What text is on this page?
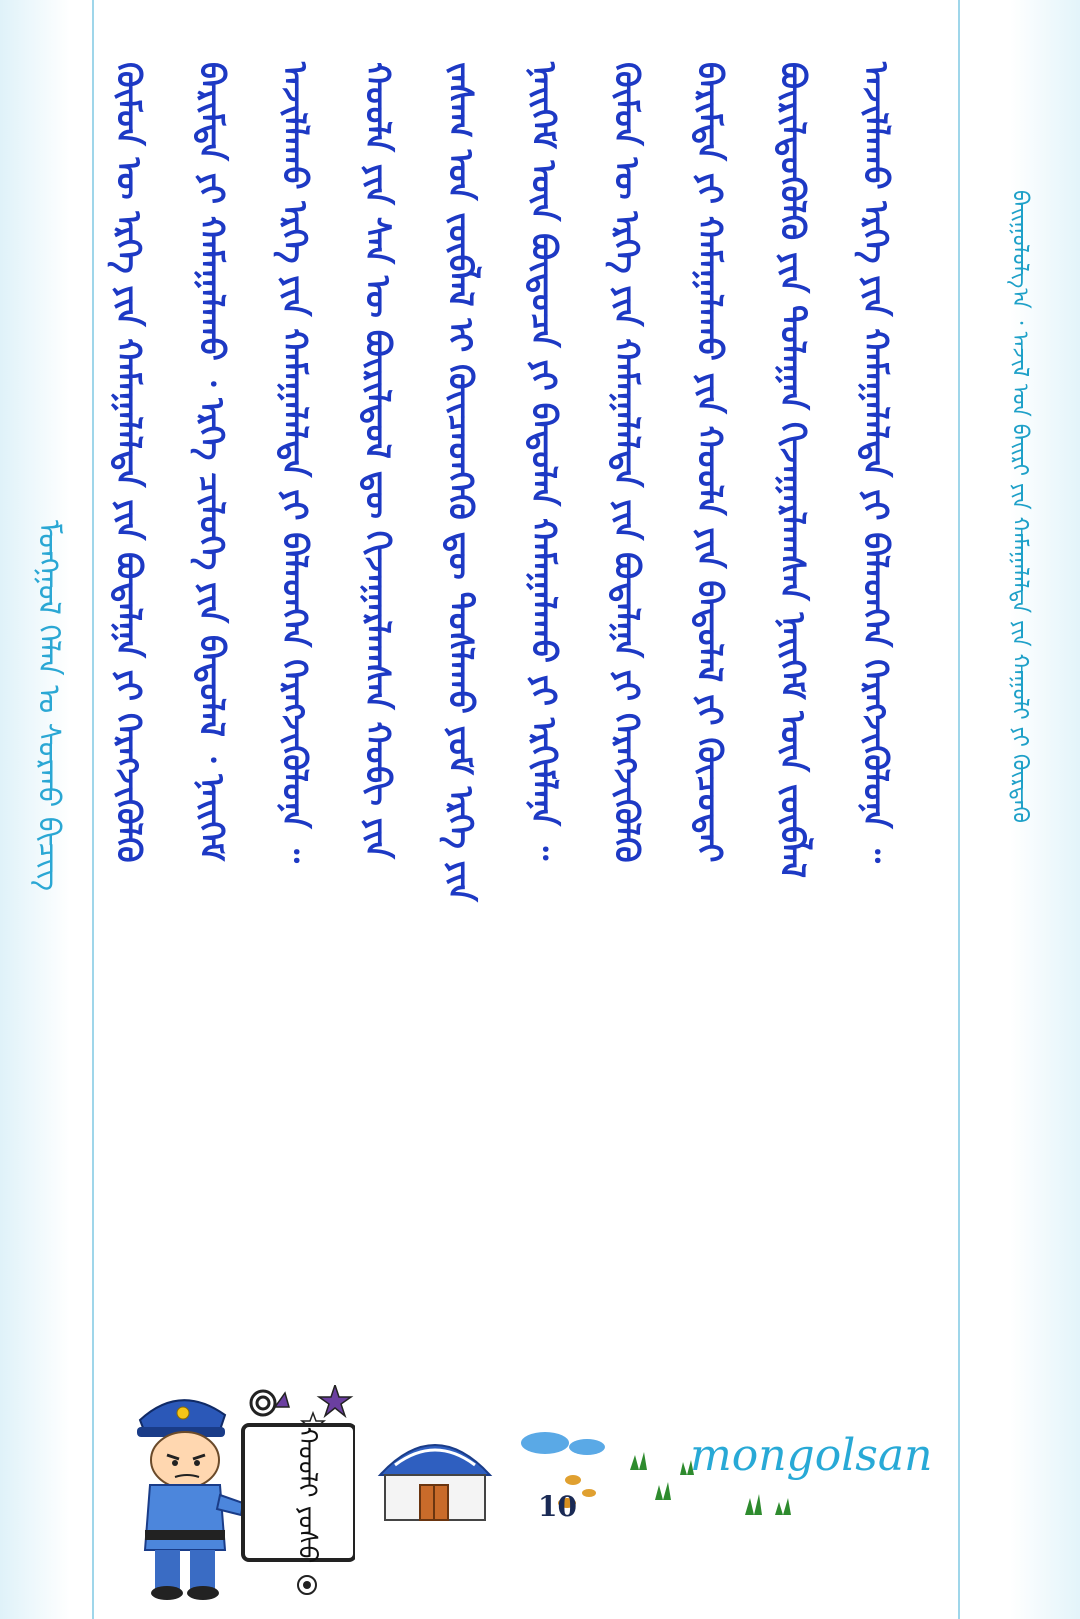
ᠮᠣᠩᠭᠣᠯ ᠬᠡᠯᠡᠨ ᠤ ᠰᠤᠷᠬᠤ ᠪᠢᠴᠢᠭ ᠬᠦᠮᠦᠨ ᠦ ᠡᠷᠬᠡ ᠶᠢᠨ ᠬᠠᠮᠠᠭᠠᠯᠠᠯᠲᠠ ᠶᠢᠨ ᠪᠤᠳᠠᠯᠭᠠ ᠶᠢ ᠬᠡᠷᠡᠭᠵᠢᠭᠦᠯᠬᠦ ᠪᠠᠷᠢᠮᠲᠠ ᠶᠢ ᠬᠠᠮᠠᠭᠠᠯᠠᠬᠤ ᠂ ᠡᠷᠬᠡ ᠴᠢᠯᠦᠭᠡ ᠶᠢᠨ ᠪᠠᠲᠤᠯᠠᠯ ᠂ ᠨᠡᠢᠭᠡᠮ ᠠᠵᠢᠯᠯᠠᠬᠤ ᠡᠷᠬᠡ ᠶᠢᠨ ᠬᠠᠮᠠᠭᠠᠯᠠᠯᠲᠠ ᠶᠢ ᠪᠡᠯᠡᠳᠬᠡᠨ ᠬᠡᠷᠡᠭᠵᠢᠭᠦᠯᠦᠨᠡ ᠃ ᠬᠣᠣᠯᠠ ᠶᠢᠨ ᠰᠠᠨ ᠦ ᠪᠦᠷᠢᠯᠳᠦᠯ ᠳᠦ ᠬᠢᠵᠠᠭᠠᠷᠯᠠᠭᠰᠠᠨ ᠬᠤᠪᠢ ᠶᠢᠨ ᠵᠠᠰᠠᠭ ᠤᠨ ᠵᠥᠪᠯᠡᠯ ᠢ ᠭᠦᠢᠴᠡᠳᠬᠡᠬᠦ ᠳᠦ ᠲᠤᠰᠯᠠᠬᠤ ᠶᠤᠮ ᠡᠷᠬᠡ ᠶᠢᠨ ᠨᠡᠢᠭᠡᠮ ᠦᠨ ᠪᠦᠲᠦᠴᠡ ᠶᠢ ᠪᠠᠲᠤᠯᠠᠨ ᠬᠠᠮᠠᠭᠠᠯᠠᠬᠤ ᠶᠢ ᠡᠷᠬᠢᠮᠯᠡᠨᠡ ᠃ ᠬᠦᠮᠦᠨ ᠦ ᠡᠷᠬᠡ ᠶᠢᠨ ᠬᠠᠮᠠᠭᠠᠯᠠᠯᠲᠠ ᠶᠢᠨ ᠪᠤᠳᠠᠯᠭᠠ ᠶᠢ ᠬᠡᠷᠡᠭᠵᠢᠭᠦᠯᠬᠦ ᠪᠠᠷᠢᠮᠲᠠ ᠶᠢ ᠬᠠᠮᠠᠭᠠᠯᠠᠬᠤ ᠶᠢᠨ ᠬᠣᠣᠯᠠ ᠶᠢᠨ ᠪᠠᠲᠤᠯᠠᠯ ᠶᠢ ᠬᠦᠴᠦᠳᠡᠢ ᠪᠦᠷᠢᠯᠳᠦᠭᠦᠯᠬᠦ ᠶᠢᠨ ᠲᠤᠯᠠᠭᠠᠨ ᠬᠢᠵᠠᠭᠠᠷᠯᠠᠭᠰᠠᠨ ᠨᠡᠢᠭᠡᠮ ᠦᠨ ᠵᠥᠪᠯᠡᠯ ᠠᠵᠢᠯᠯᠠᠬᠤ ᠡᠷᠬᠡ ᠶᠢᠨ ᠬᠠᠮᠠᠭᠠᠯᠠᠯᠲᠠ ᠶᠢ ᠪᠡᠯᠡᠳᠬᠡᠨ ᠬᠡᠷᠡᠭᠵᠢᠭᠦᠯᠦᠨᠡ ᠃	ᠪᠠᠢᠭᠤᠯᠤᠯᠭ᠎ᠠ ᠂ ᠠᠵᠢᠯ ᠤᠨ ᠪᠠᠢᠷᠢ ᠶᠢᠨ ᠬᠠᠮᠠᠭᠠᠯᠠᠯᠲᠠ ᠶᠢᠨ ᠬᠠᠭᠤᠯᠢ ᠶᠢ ᠬᠦᠷᠲᠡᠬᠦ
ᠬᠤᠤᠯᠢ ᠶᠣᠰᠤ	10
mongolsan
